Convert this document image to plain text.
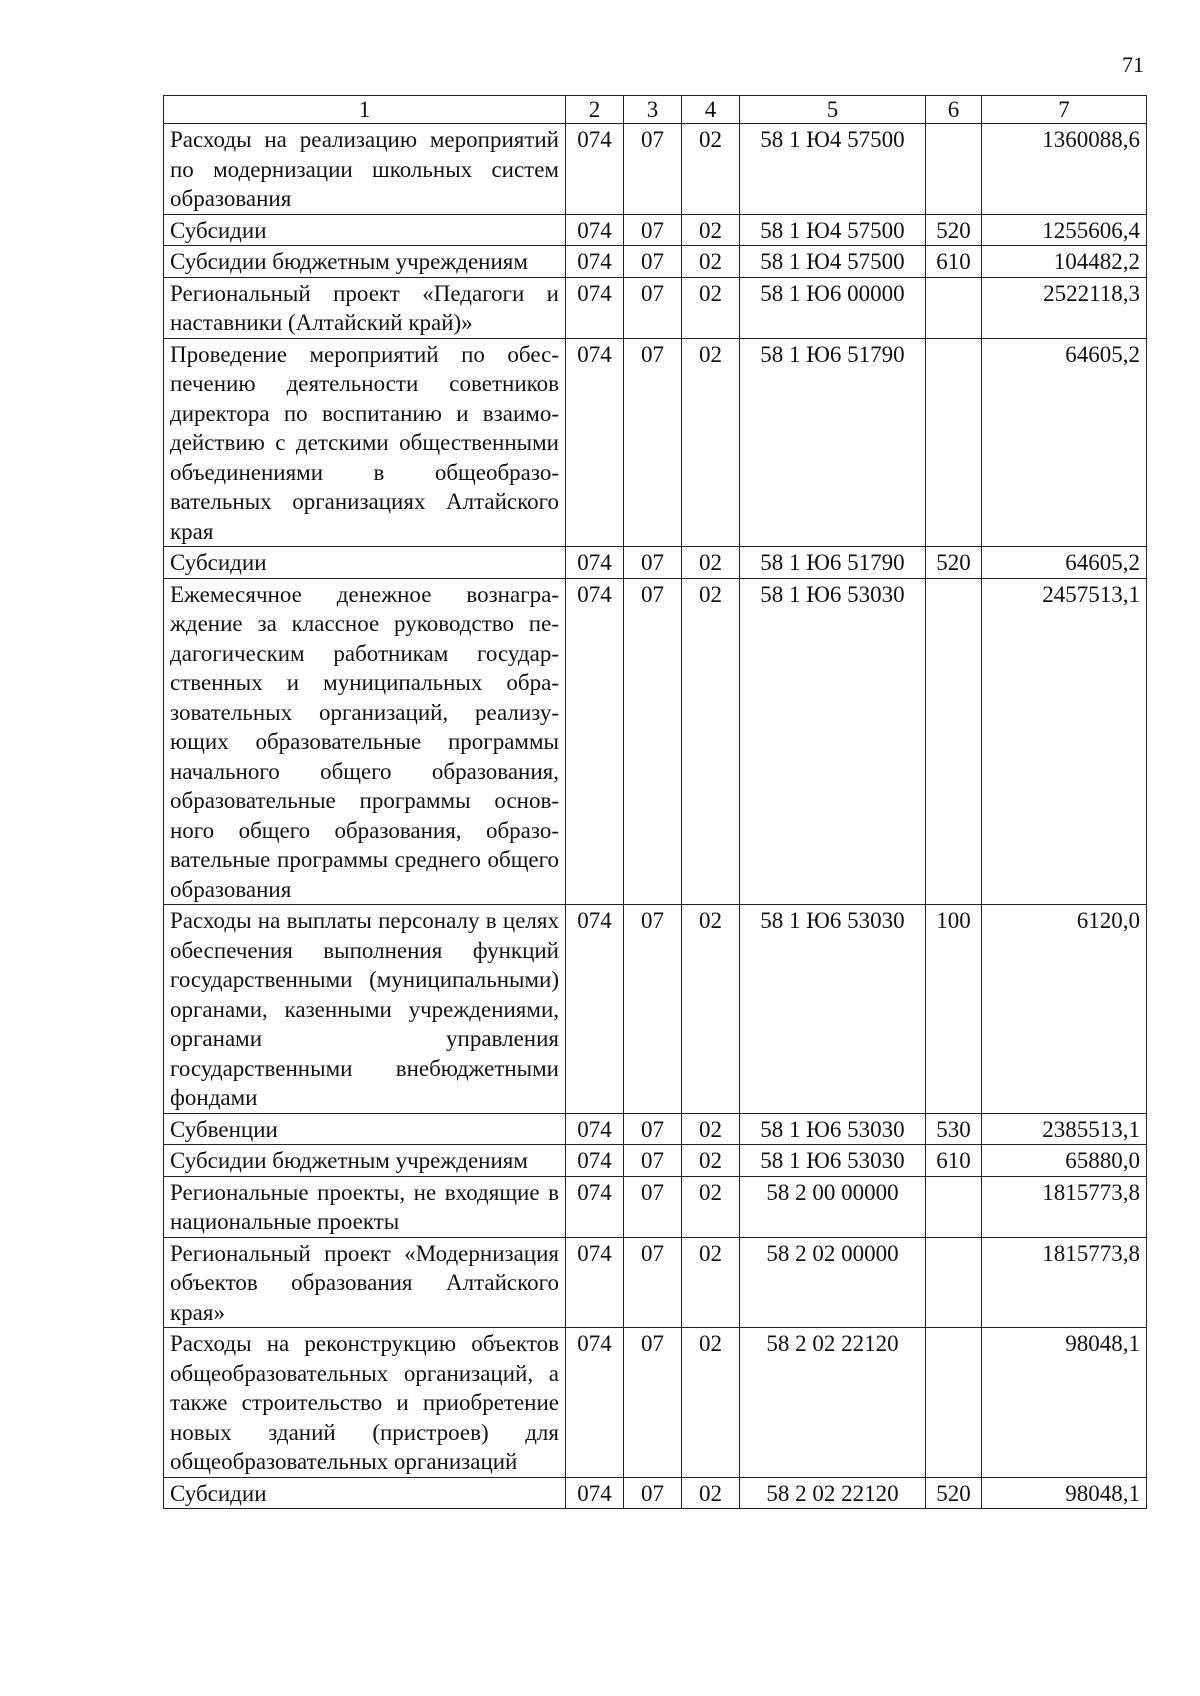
71
1	2	3	4	5	6	7
Расходы на реализацию мероприятий по модернизации школьных систем образования	074	07	02	58 1 Ю4 57500		1360088,6
Субсидии	074	07	02	58 1 Ю4 57500	520	1255606,4
Субсидии бюджетным учреждениям	074	07	02	58 1 Ю4 57500	610	104482,2
Региональный проект «Педагоги и наставники (Алтайский край)»	074	07	02	58 1 Ю6 00000		2522118,3
Проведение мероприятий по обеспечению деятельности советников директора по воспитанию и взаимодействию с детскими общественными объединениями в общеобразовательных организациях Алтайского края	074	07	02	58 1 Ю6 51790		64605,2
Субсидии	074	07	02	58 1 Ю6 51790	520	64605,2
Ежемесячное денежное вознаграждение за классное руководство педагогическим работникам государственных и муниципальных образовательных организаций, реализующих образовательные программы начального общего образования, образовательные программы основного общего образования, образовательные программы среднего общего образования	074	07	02	58 1 Ю6 53030		2457513,1
Расходы на выплаты персоналу в целях обеспечения выполнения функций государственными (муниципальными) органами, казенными учреждениями, органами управления государственными внебюджетными фондами	074	07	02	58 1 Ю6 53030	100	6120,0
Субвенции	074	07	02	58 1 Ю6 53030	530	2385513,1
Субсидии бюджетным учреждениям	074	07	02	58 1 Ю6 53030	610	65880,0
Региональные проекты, не входящие в национальные проекты	074	07	02	58 2 00 00000		1815773,8
Региональный проект «Модернизация объектов образования Алтайского края»	074	07	02	58 2 02 00000		1815773,8
Расходы на реконструкцию объектов общеобразовательных организаций, а также строительство и приобретение новых зданий (пристроев) для общеобразовательных организаций	074	07	02	58 2 02 22120		98048,1
Субсидии	074	07	02	58 2 02 22120	520	98048,1
